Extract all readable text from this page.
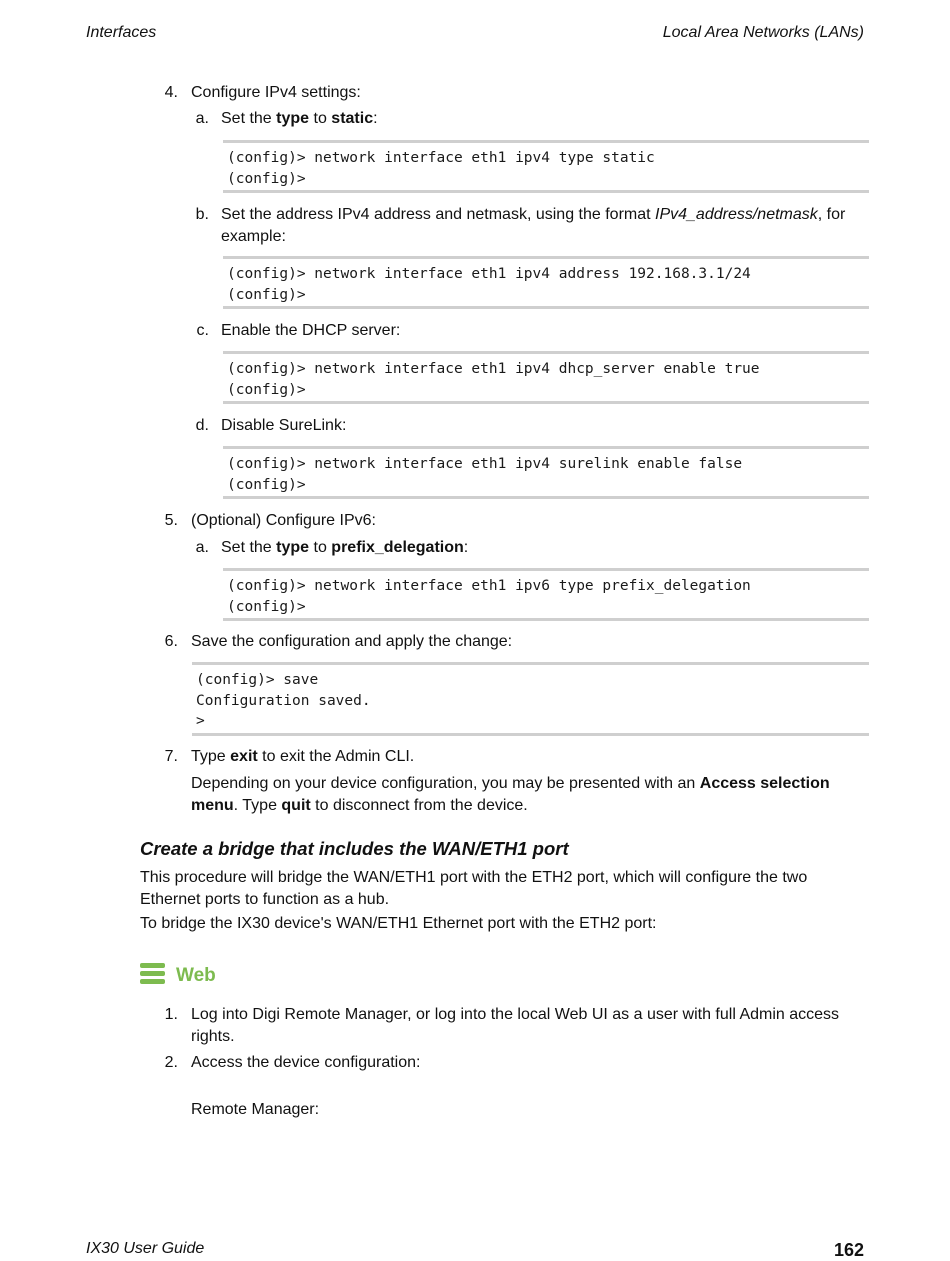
Interfaces	Local Area Networks (LANs)
4. Configure IPv4 settings:
a. Set the type to static:
(config)> network interface eth1 ipv4 type static
(config)>
b. Set the address IPv4 address and netmask, using the format IPv4_address/netmask, for
example:
(config)> network interface eth1 ipv4 address 192.168.3.1/24
(config)>
c. Enable the DHCP server:
(config)> network interface eth1 ipv4 dhcp_server enable true
(config)>
d. Disable SureLink:
(config)> network interface eth1 ipv4 surelink enable false
(config)>
5. (Optional) Configure IPv6:
a. Set the type to prefix_delegation:
(config)> network interface eth1 ipv6 type prefix_delegation
(config)>
6. Save the configuration and apply the change:
(config)> save
Configuration saved.
>
7. Type exit to exit the Admin CLI.
Depending on your device configuration, you may be presented with an Access selection
menu. Type quit to disconnect from the device.
Create a bridge that includes the WAN/ETH1 port
This procedure will bridge the WAN/ETH1 port with the ETH2 port, which will configure the two
Ethernet ports to function as a hub.
To bridge the IX30 device's WAN/ETH1 Ethernet port with the ETH2 port:
Web
1. Log into Digi Remote Manager, or log into the local Web UI as a user with full Admin access
rights.
2. Access the device configuration:
Remote Manager:
IX30 User Guide	162
